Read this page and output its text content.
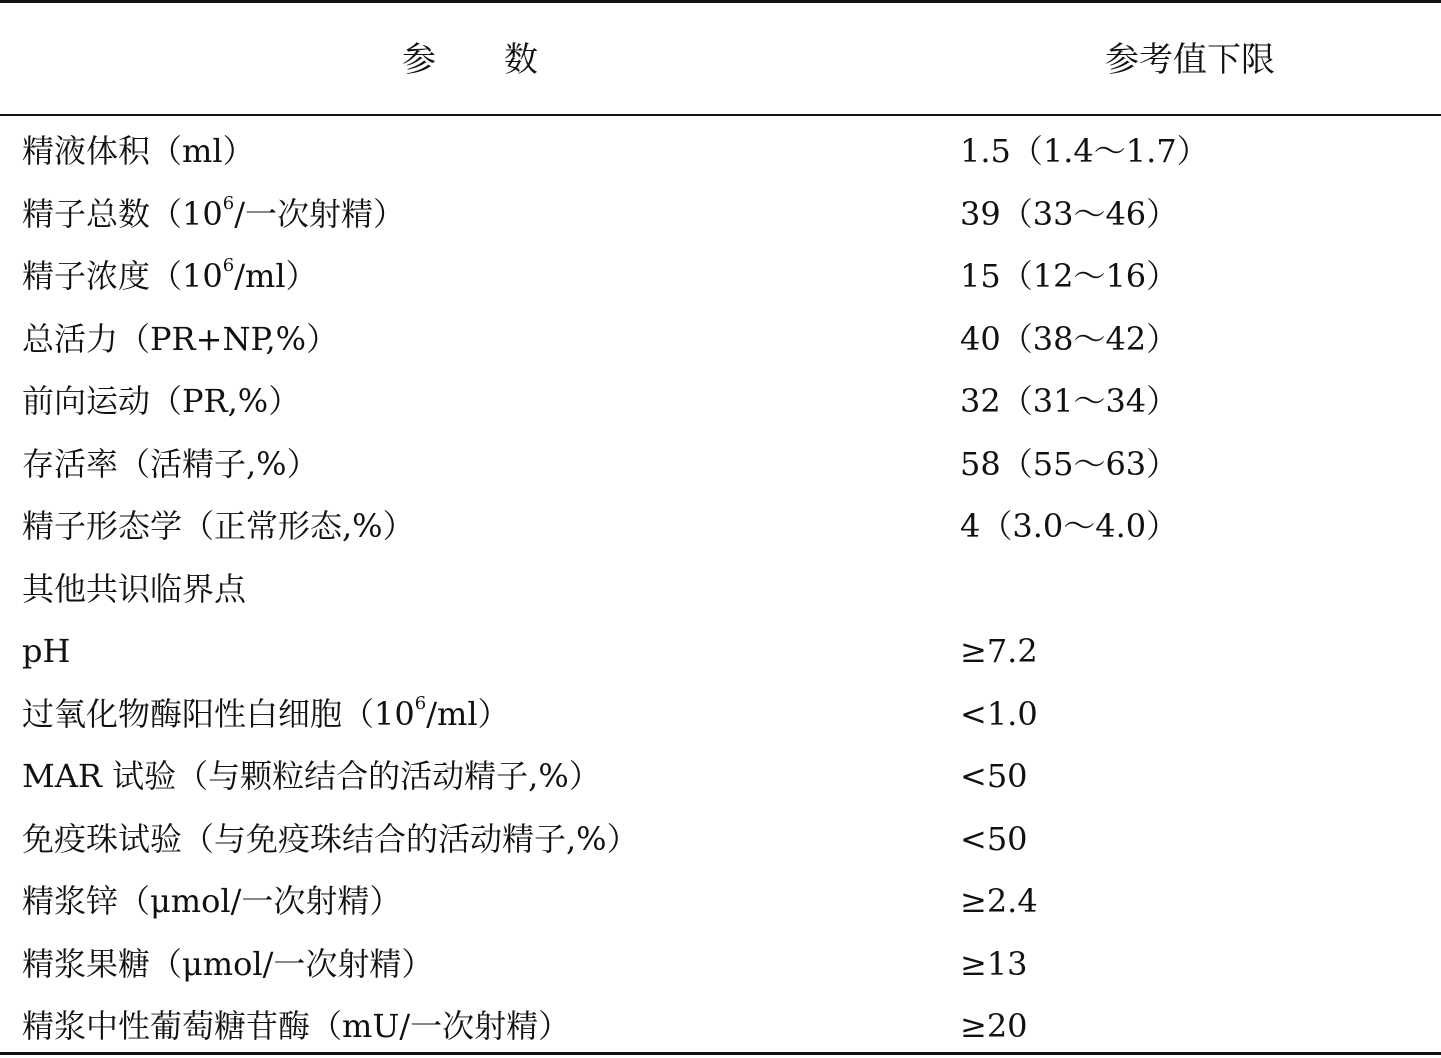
参　　数	参考值下限
精液体积（ml）	1.5（1.4～1.7）
精子总数（$10^6/$一次射精）	39（33～46）
精子浓度$(10^6/ml)$	15（12～16）
总活力（PR+NP,%）	40（38～42）
前向运动（PR,%）	32（31～34）
存活率（活精子,%）	58（55～63）
精子形态学（正常形态,%）	4（3.0～4.0）
其他共识临界点
pH	≥7.2
过氧化物酶阳性白细胞$(10^6/ml)$	<1.0
MAR 试验（与颗粒结合的活动精子,%）	<50
免疫珠试验（与免疫珠结合的活动精子,%）	<50
精浆锌（μmol/一次射精）	≥2.4
精浆果糖（μmol/一次射精）	≥13
精浆中性葡萄糖苷酶（mU/一次射精）	≥20
